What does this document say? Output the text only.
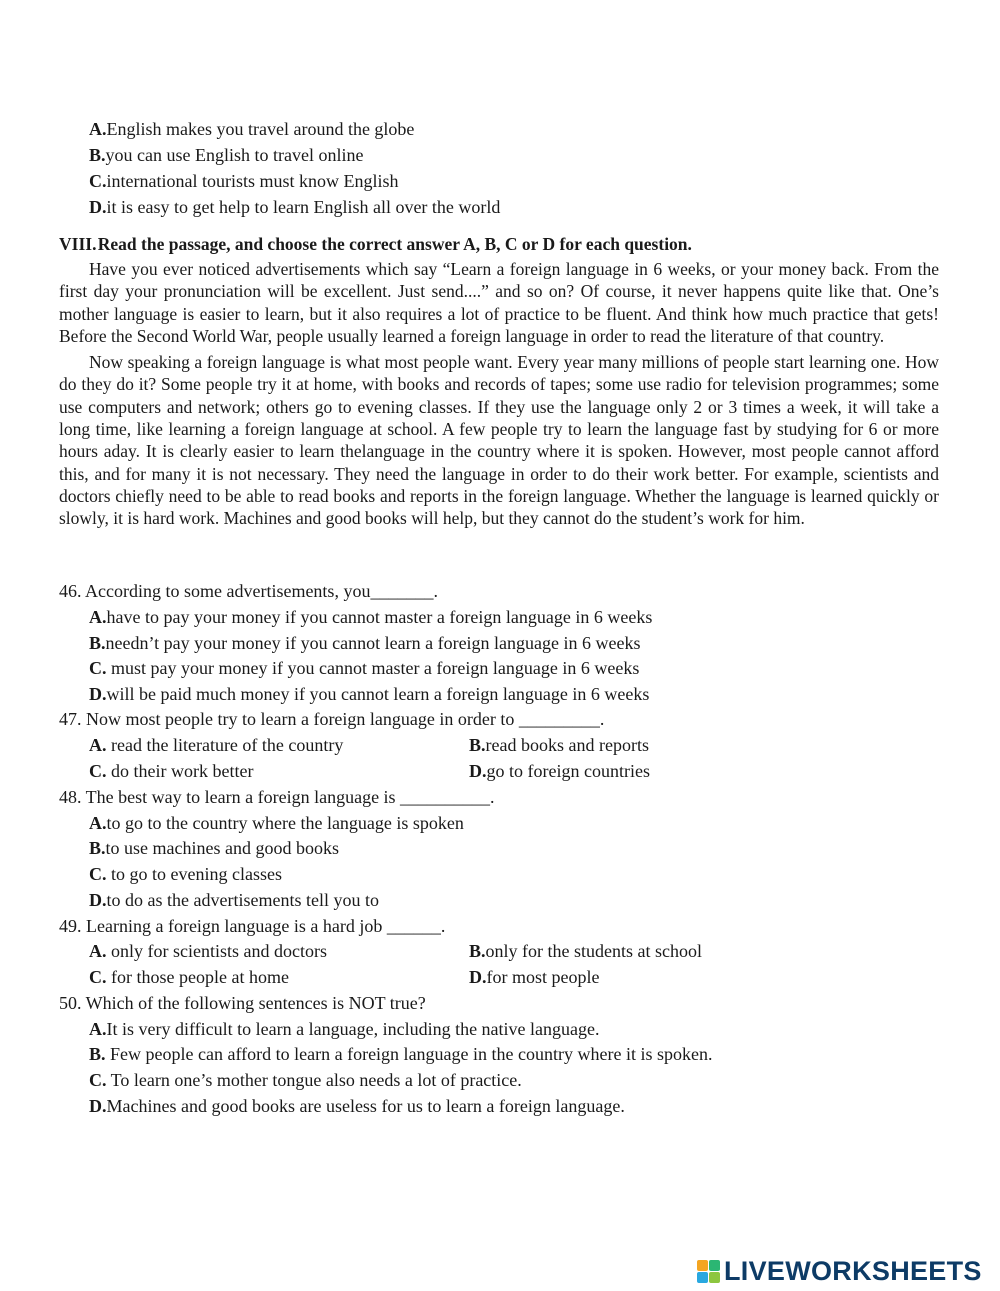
A.English makes you travel around the globe
B.you can use English to travel online
C.international tourists must know English
D.it is easy to get help to learn English all over the world
VIII.  Read the passage, and choose the correct answer A, B, C or D for each question.

Have you ever noticed advertisements which say “Learn a foreign language in 6 weeks, or your money back. From the first day your pronunciation will be excellent. Just send....” and so on? Of course, it never happens quite like that. One’s mother language is easier to learn, but it also requires a lot of practice to be fluent. And think how much practice that gets! Before the Second World War, people usually learned a foreign language in order to read the literature of that country.

Now speaking a foreign language is what most people want. Every year many millions of people start learning one. How do they do it? Some people try it at home, with books and records of tapes; some use radio for television programmes; some use computers and network; others go to evening classes. If they use the language only 2 or 3 times a week, it will take a long time, like learning a foreign language at school. A few people try to learn the language fast by studying for 6 or more hours aday. It is clearly easier to learn thelanguage in the country where it is spoken. However, most people cannot afford this, and for many it is not necessary. They need the language in order to do their work better. For example, scientists and doctors chiefly need to be able to read books and reports in the foreign language. Whether the language is learned quickly or slowly, it is hard work. Machines and good books will help, but they cannot do the student’s work for him.

46. According to some advertisements, you_______.
A.have to pay your money if you cannot master a foreign language in 6 weeks
B.needn’t pay your money if you cannot learn a foreign language in 6 weeks
C. must pay your money if you cannot master a foreign language in 6 weeks
D.will be paid much money if you cannot learn a foreign language in 6 weeks
47. Now most people try to learn a foreign language in order to _________.
A. read the literature of the country	B.read books and reports
C. do their work better	D.go to foreign countries
48. The best way to learn a foreign language is __________.
A.to go to the country where the language is spoken
B.to use machines and good books
C. to go to evening classes
D.to do as the advertisements tell you to
49. Learning a foreign language is a hard job ______.
A. only for scientists and doctors	B.only for the students at school
C. for those people at home	D.for most people
50. Which of the following sentences is NOT true?
A.It is very difficult to learn a language, including the native language.
B. Few people can afford to learn a foreign language in the country where it is spoken.
C. To learn one’s mother tongue also needs a lot of practice.
D.Machines and good books are useless for us to learn a foreign language.
LIVEWORKSHEETS
